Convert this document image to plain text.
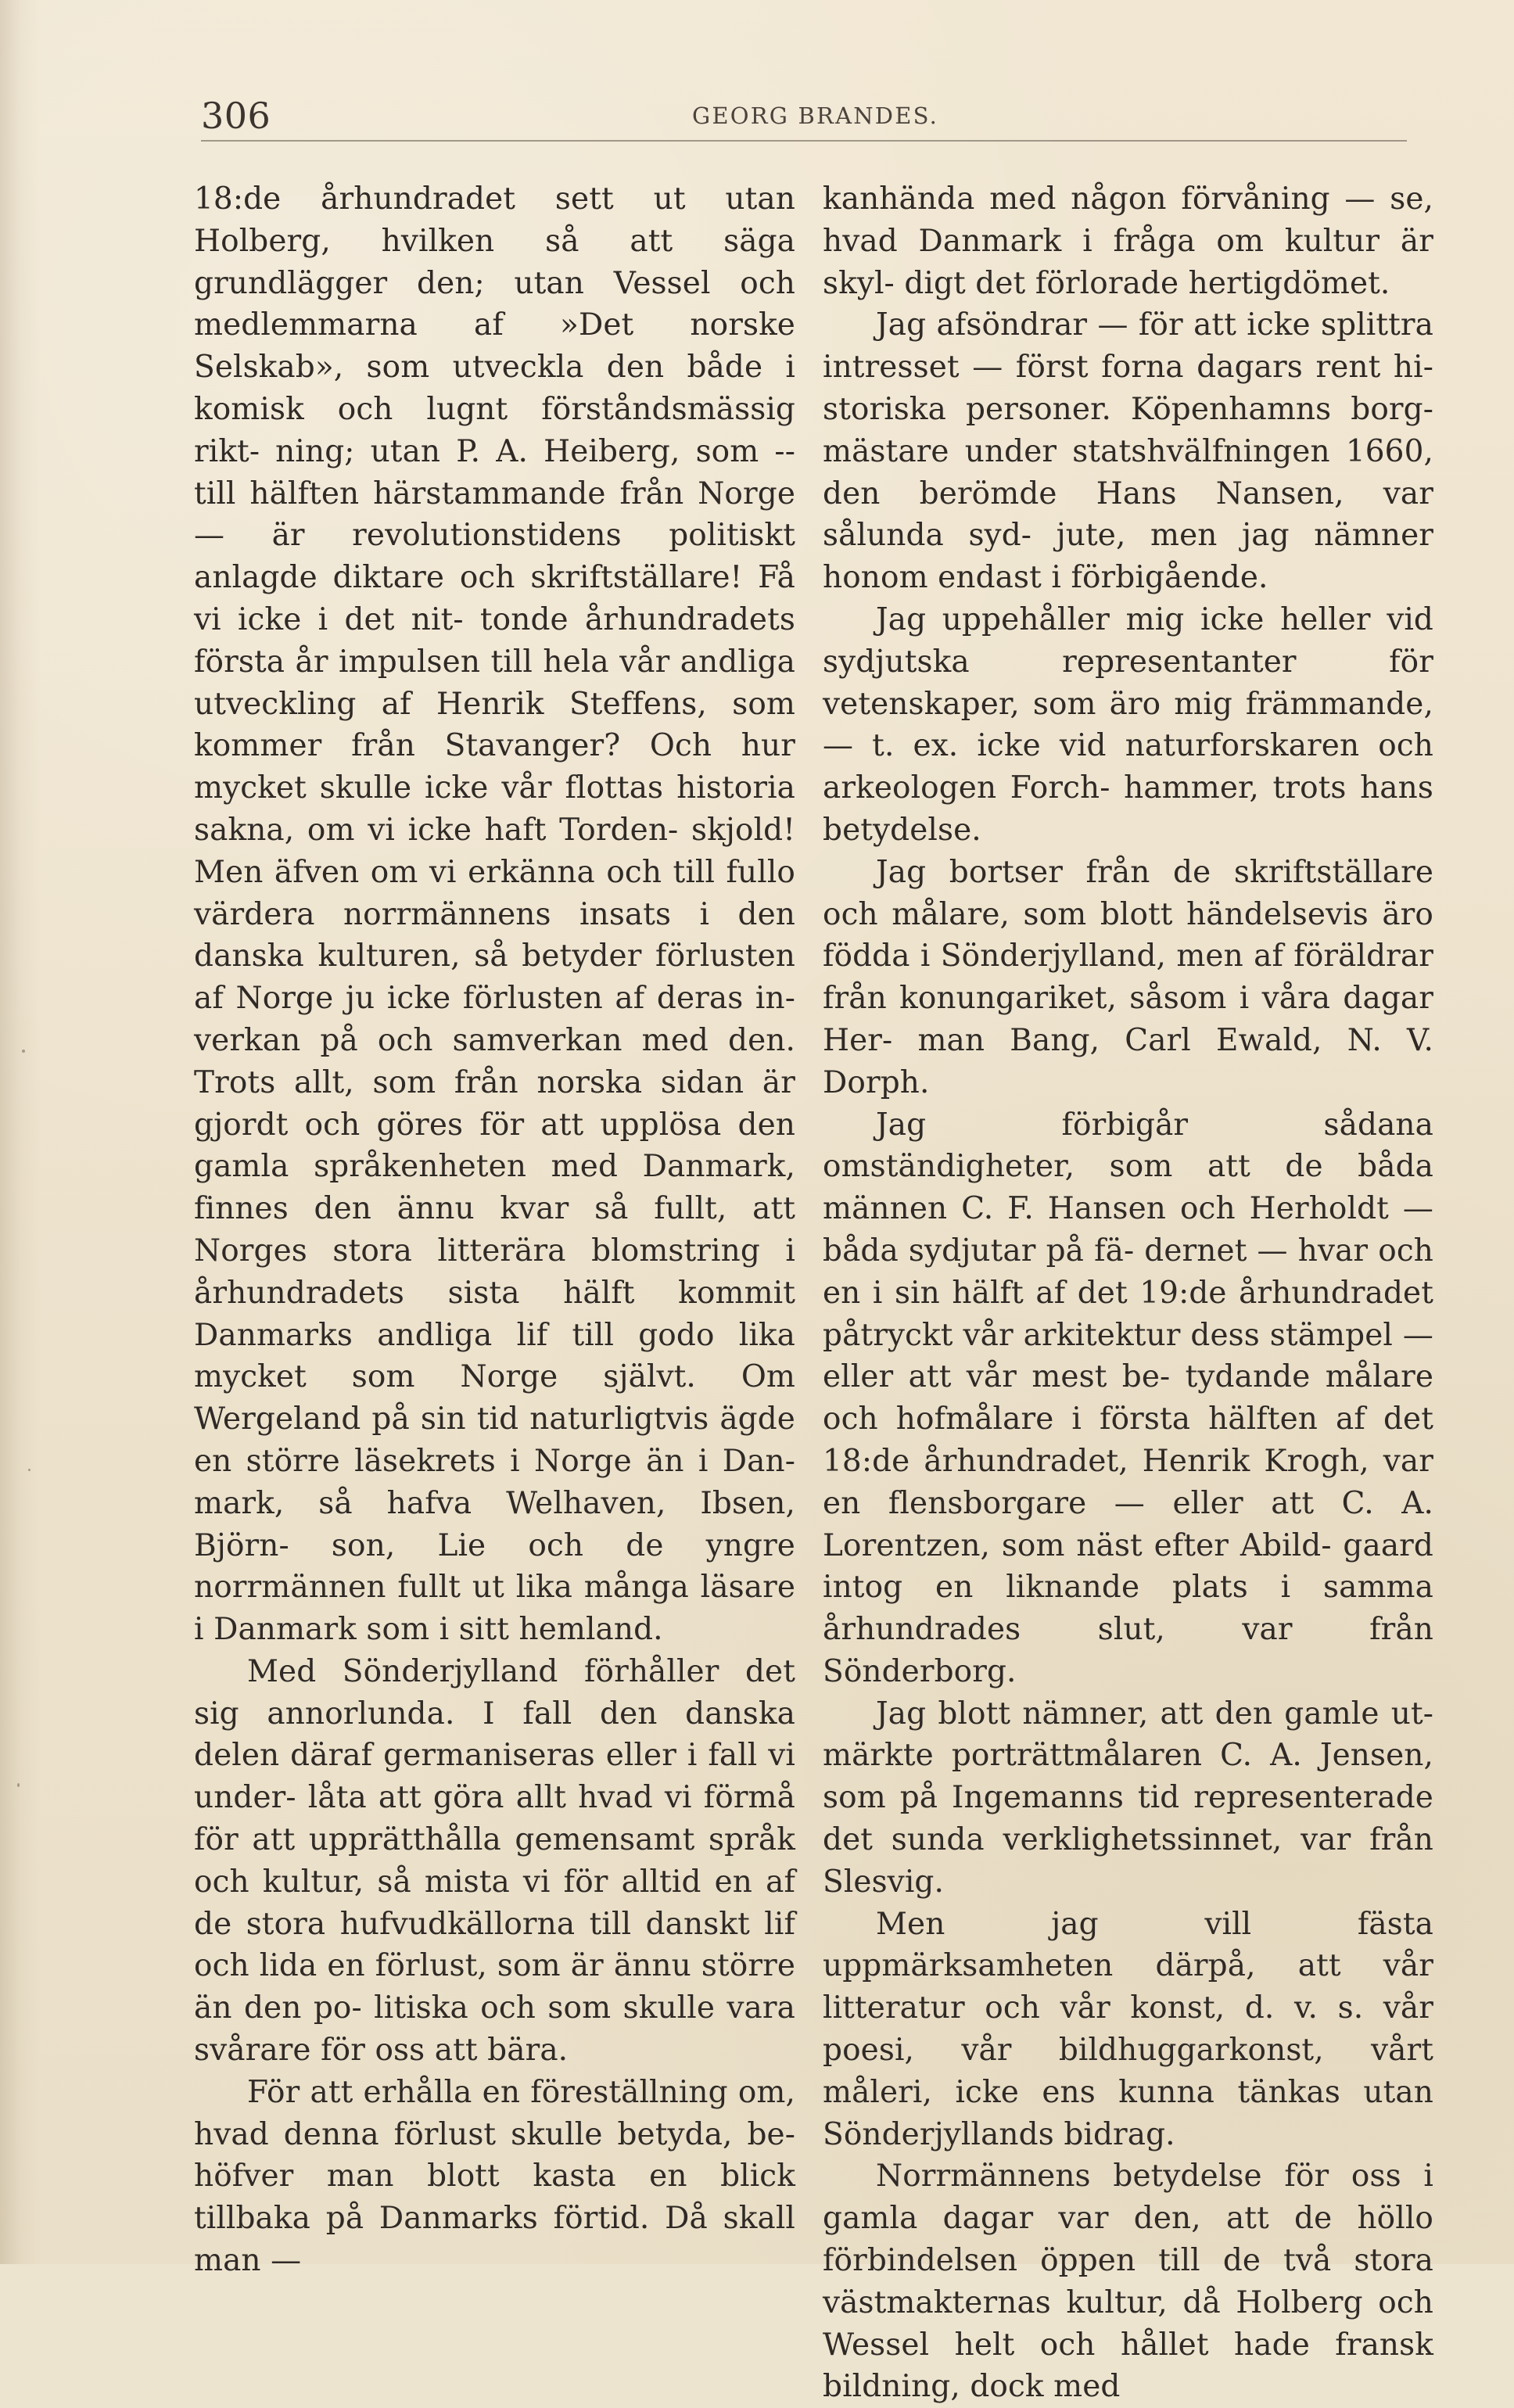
306	GEORG BRANDES.

18:de århundradet sett ut utan Holberg, hvilken så att säga grundlägger den; utan Vessel och medlemmarna af »Det norske Selskab», som utveckla den både i komisk och lugnt förståndsmässig rikt- ning; utan P. A. Heiberg, som -- till hälften härstammande från Norge — är revolutionstidens politiskt anlagde diktare och skriftställare! Få vi icke i det nit- tonde århundradets första år impulsen till hela vår andliga utveckling af Henrik Steffens, som kommer från Stavanger? Och hur mycket skulle icke vår flottas historia sakna, om vi icke haft Torden- skjold! Men äfven om vi erkänna och till fullo värdera norrmännens insats i den danska kulturen, så betyder förlusten af Norge ju icke förlusten af deras in- verkan på och samverkan med den. Trots allt, som från norska sidan är gjordt och göres för att upplösa den gamla språkenheten med Danmark, finnes den ännu kvar så fullt, att Norges stora litterära blomstring i århundradets sista hälft kommit Danmarks andliga lif till godo lika mycket som Norge självt. Om Wergeland på sin tid naturligtvis ägde en större läsekrets i Norge än i Dan- mark, så hafva Welhaven, Ibsen, Björn- son, Lie och de yngre norrmännen fullt ut lika många läsare i Danmark som i sitt hemland.

Med Sönderjylland förhåller det sig annorlunda. I fall den danska delen däraf germaniseras eller i fall vi under- låta att göra allt hvad vi förmå för att upprätthålla gemensamt språk och kultur, så mista vi för alltid en af de stora hufvudkällorna till danskt lif och lida en förlust, som är ännu större än den po- litiska och som skulle vara svårare för oss att bära.

För att erhålla en föreställning om, hvad denna förlust skulle betyda, be- höfver man blott kasta en blick tillbaka på Danmarks förtid. Då skall man —

kanhända med någon förvåning — se, hvad Danmark i fråga om kultur är skyl- digt det förlorade hertigdömet.

Jag afsöndrar — för att icke splittra intresset — först forna dagars rent hi- storiska personer. Köpenhamns borg- mästare under statshvälfningen 1660, den berömde Hans Nansen, var sålunda syd- jute, men jag nämner honom endast i förbigående.

Jag uppehåller mig icke heller vid sydjutska representanter för vetenskaper, som äro mig främmande, — t. ex. icke vid naturforskaren och arkeologen Forch- hammer, trots hans betydelse.

Jag bortser från de skriftställare och målare, som blott händelsevis äro födda i Sönderjylland, men af föräldrar från konungariket, såsom i våra dagar Her- man Bang, Carl Ewald, N. V. Dorph.

Jag förbigår sådana omständigheter, som att de båda männen C. F. Hansen och Herholdt — båda sydjutar på fä- dernet — hvar och en i sin hälft af det 19:de århundradet påtryckt vår arkitektur dess stämpel — eller att vår mest be- tydande målare och hofmålare i första hälften af det 18:de århundradet, Henrik Krogh, var en flensborgare — eller att C. A. Lorentzen, som näst efter Abild- gaard intog en liknande plats i samma århundrades slut, var från Sönderborg.

Jag blott nämner, att den gamle ut- märkte porträttmålaren C. A. Jensen, som på Ingemanns tid representerade det sunda verklighetssinnet, var från Slesvig.

Men jag vill fästa uppmärksamheten därpå, att vår litteratur och vår konst, d. v. s. vår poesi, vår bildhuggarkonst, vårt måleri, icke ens kunna tänkas utan Sönderjyllands bidrag.

Norrmännens betydelse för oss i gamla dagar var den, att de höllo förbindelsen öppen till de två stora västmakternas kultur, då Holberg och Wessel helt och hållet hade fransk bildning, dock med
